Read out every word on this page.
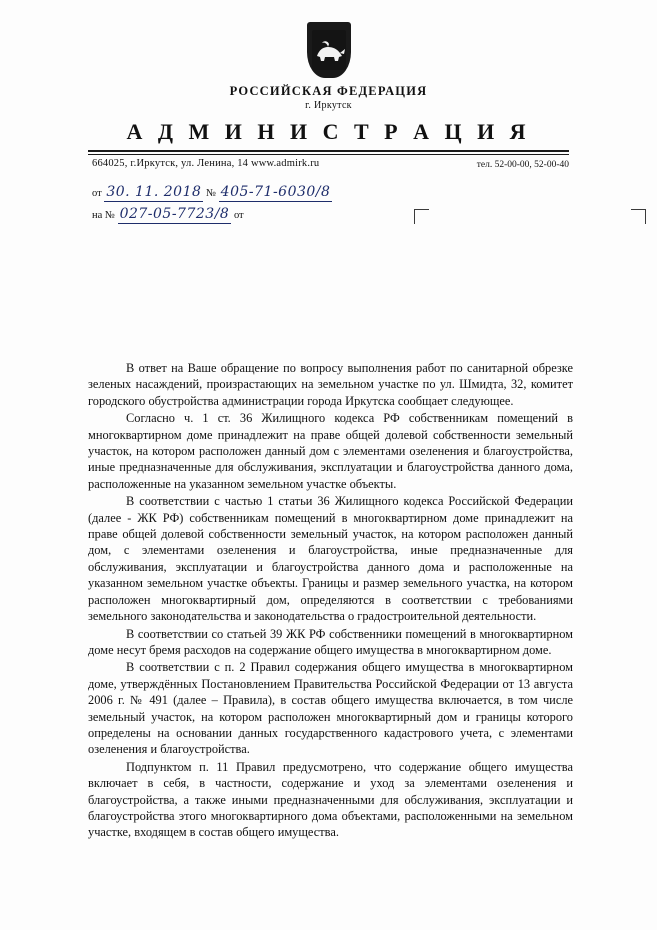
РОССИЙСКАЯ ФЕДЕРАЦИЯ
г. Иркутск
А Д М И Н И С Т Р А Ц И Я
664025, г.Иркутск, ул. Ленина, 14 www.admirk.ru	тел. 52-00-00, 52-00-40
от 30. 11. 2018 № 405-71-6030/8
на № 027-05-7723/8 от

В ответ на Ваше обращение по вопросу выполнения работ по санитарной обрезке зеленых насаждений, произрастающих на земельном участке по ул. Шмидта, 32, комитет городского обустройства администрации города Иркутска сообщает следующее.

Согласно ч. 1 ст. 36 Жилищного кодекса РФ собственникам помещений в многоквартирном доме принадлежит на праве общей долевой собственности земельный участок, на котором расположен данный дом с элементами озеленения и благоустройства, иные предназначенные для обслуживания, эксплуатации и благоустройства данного дома, расположенные на указанном земельном участке объекты.

В соответствии с частью 1 статьи 36 Жилищного кодекса Российской Федерации (далее - ЖК РФ) собственникам помещений в многоквартирном доме принадлежит на праве общей долевой собственности земельный участок, на котором расположен данный дом, с элементами озеленения и благоустройства, иные предназначенные для обслуживания, эксплуатации и благоустройства данного дома и расположенные на указанном земельном участке объекты. Границы и размер земельного участка, на котором расположен многоквартирный дом, определяются в соответствии с требованиями земельного законодательства и законодательства о градостроительной деятельности.

В соответствии со статьей 39 ЖК РФ собственники помещений в многоквартирном доме несут бремя расходов на содержание общего имущества в многоквартирном доме.

В соответствии с п. 2 Правил содержания общего имущества в многоквартирном доме, утверждённых Постановлением Правительства Российской Федерации от 13 августа 2006 г. № 491 (далее – Правила), в состав общего имущества включается, в том числе земельный участок, на котором расположен многоквартирный дом и границы которого определены на основании данных государственного кадастрового учета, с элементами озеленения и благоустройства.

Подпунктом п. 11 Правил предусмотрено, что содержание общего имущества включает в себя, в частности, содержание и уход за элементами озеленения и благоустройства, а также иными предназначенными для обслуживания, эксплуатации и благоустройства этого многоквартирного дома объектами, расположенными на земельном участке, входящем в состав общего имущества.
